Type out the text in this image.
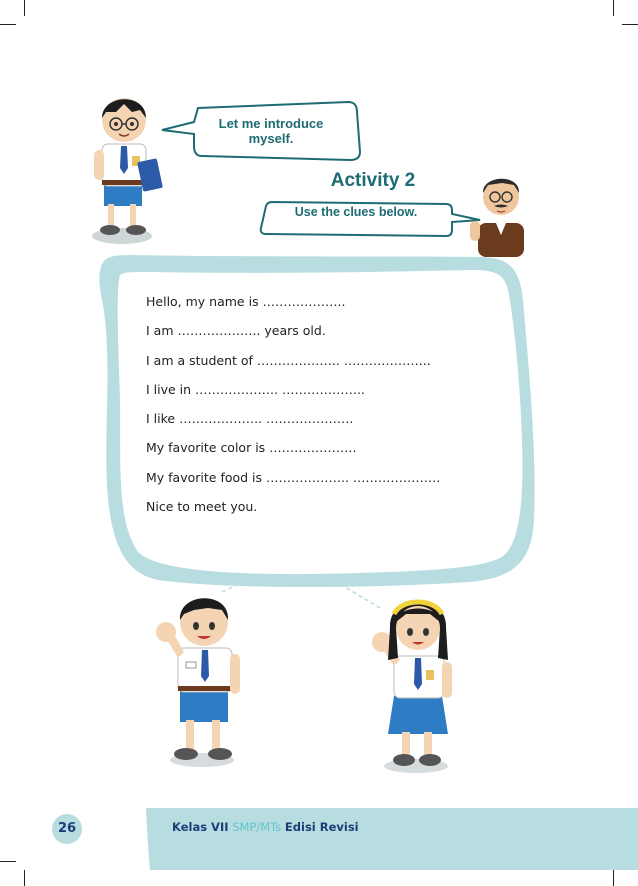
Let me introduce myself.
Activity 2
Use the clues below.
Hello, my name is ………………..
I am ……………….. years old.
I am a student of ……………….. ………………...
I live in ……………….. ………………..
I like ……………….. …………………
My favorite color is …………………
My favorite food is ……………….. …………………
Nice to meet you.
26	Kelas VII SMP/MTs Edisi Revisi
